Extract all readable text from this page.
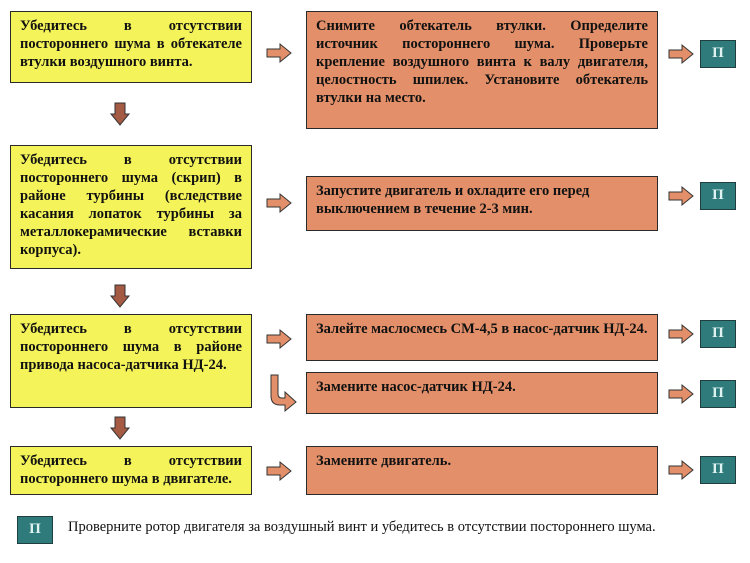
Убедитесь в отсутствии постороннего шума в обтекателе втулки воздушного винта.
Убедитесь в отсутствии постороннего шума (скрип) в районе турбины (вследствие касания лопаток турбины за металлокерамические вставки корпуса).
Убедитесь в отсутствии постороннего шума в районе привода насоса-датчика НД-24.
Убедитесь в отсутствии постороннего шума в двигателе.
Снимите обтекатель втулки. Определите источник постороннего шума. Проверьте крепление воздушного винта к валу двигателя, целостность шпилек. Установите обтекатель втулки на место.
Запустите двигатель и охладите его перед выключением в течение 2-3 мин.
Залейте маслосмесь СМ-4,5 в насос-датчик НД-24.
Замените насос-датчик НД-24.
Замените двигатель.
П
П
П
П
П
П	Проверните ротор двигателя за воздушный винт и убедитесь в отсутствии постороннего шума.
